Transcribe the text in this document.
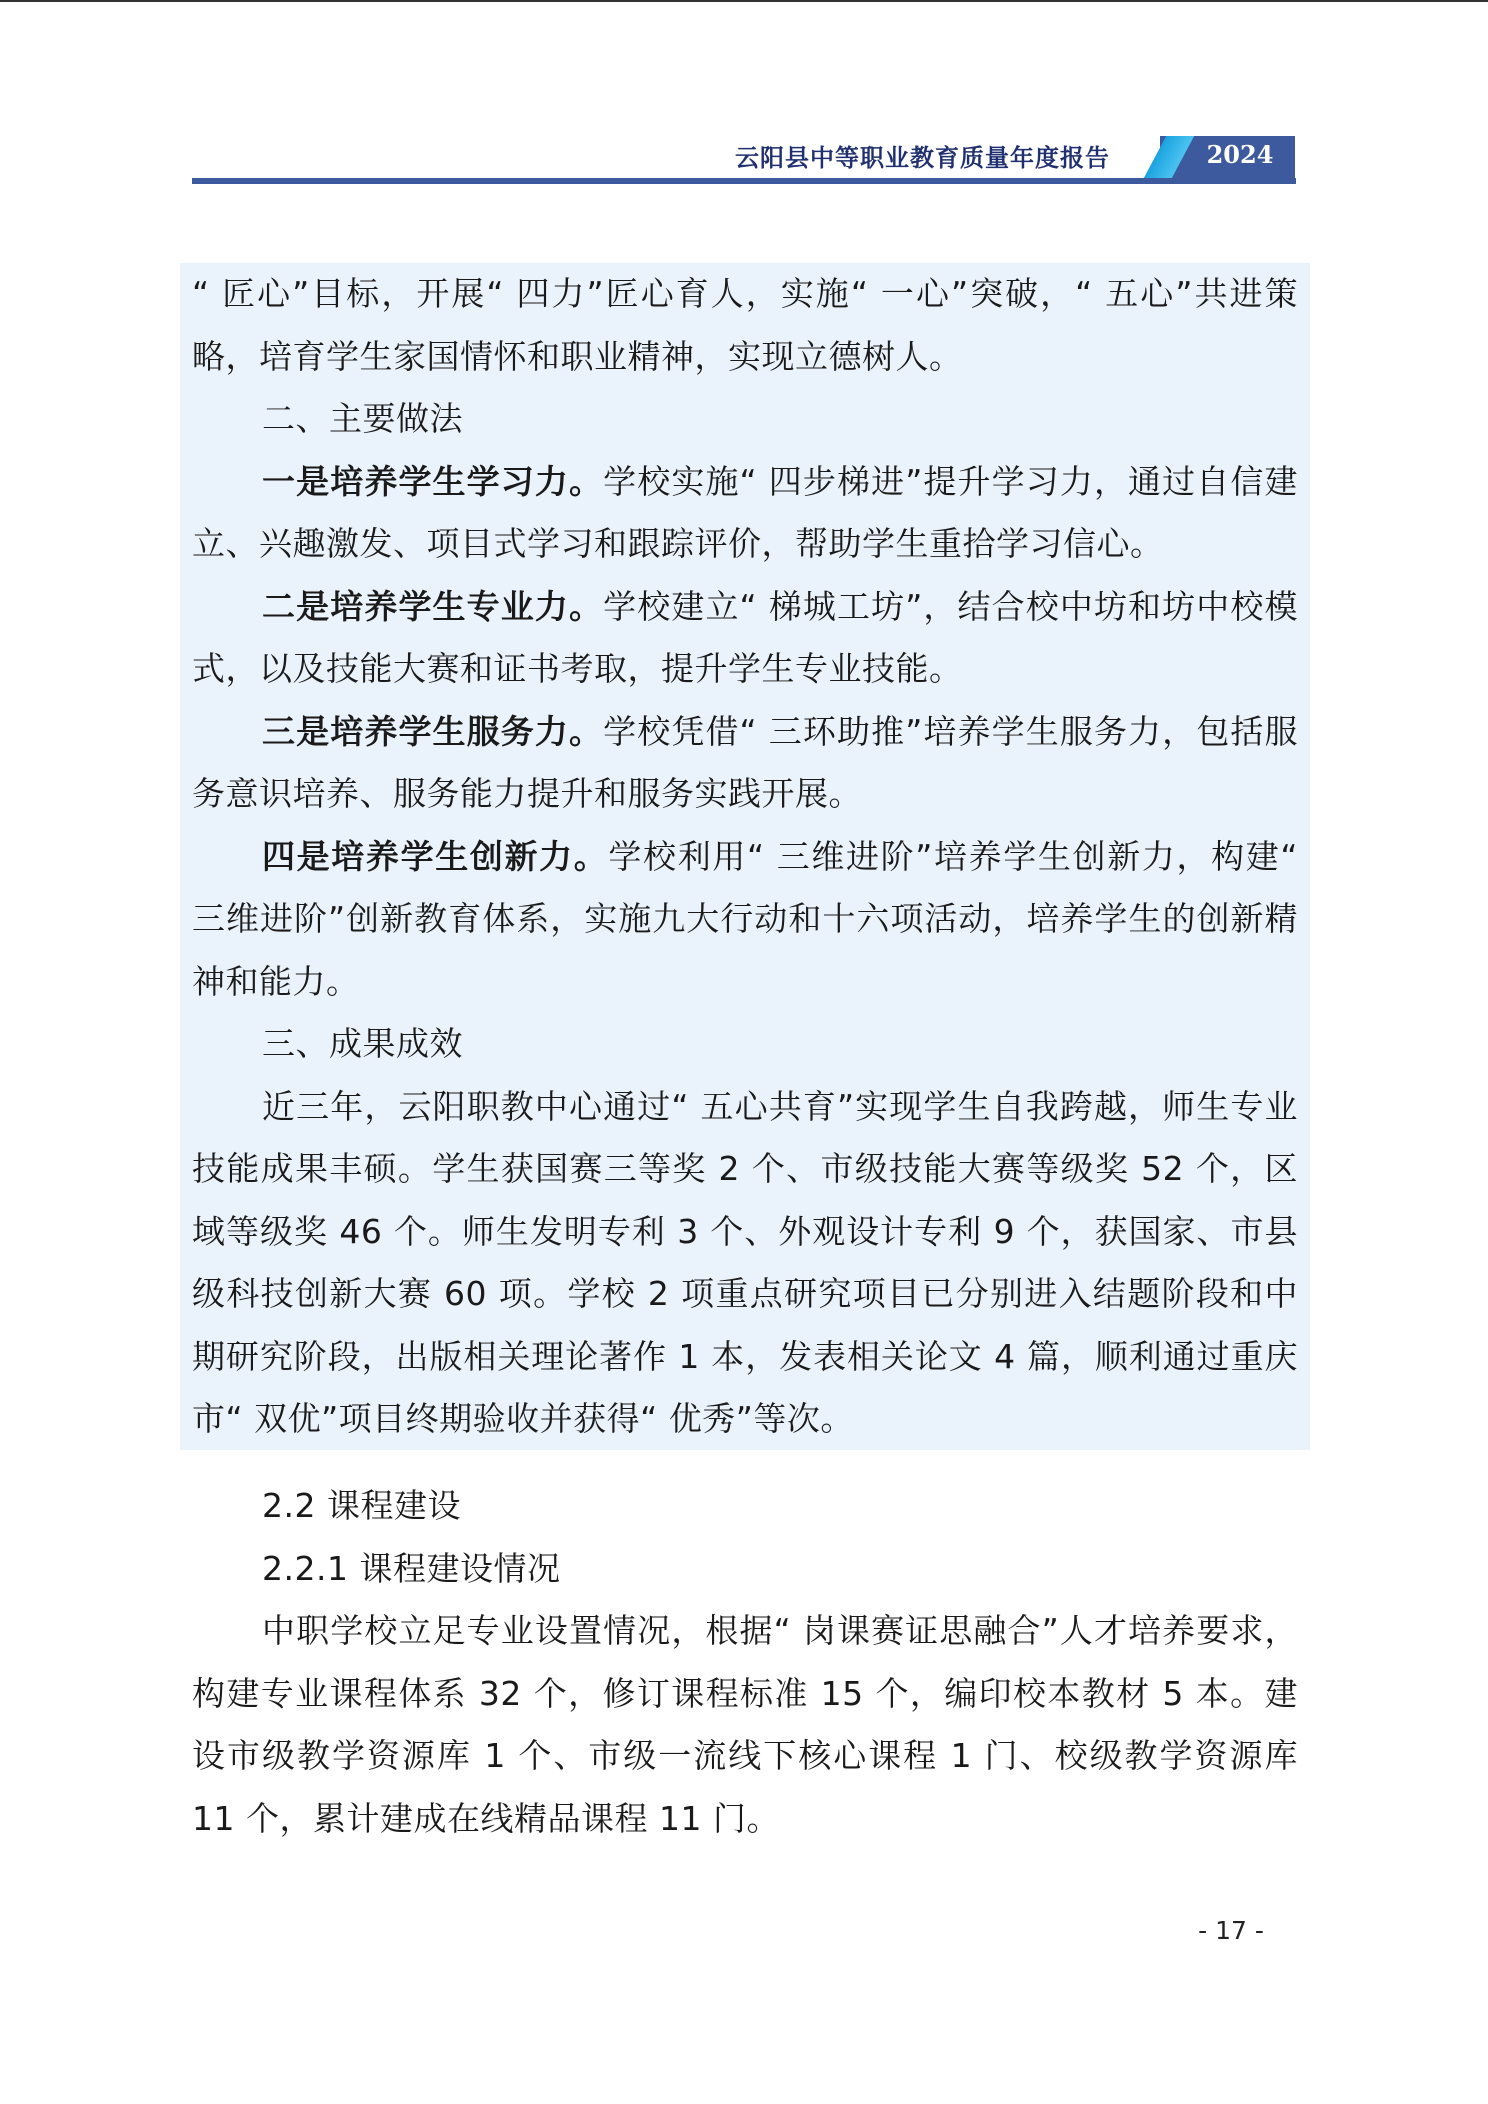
云阳县中等职业教育质量年度报告	2024

“ 匠心”目标，开展“ 四力”匠心育人，实施“ 一心”突破，“ 五心”共进策略，培育学生家国情怀和职业精神，实现立德树人。

二、主要做法

一是培养学生学习力。学校实施“ 四步梯进”提升学习力，通过自信建立、兴趣激发、项目式学习和跟踪评价，帮助学生重拾学习信心。

二是培养学生专业力。学校建立“ 梯城工坊”，结合校中坊和坊中校模式，以及技能大赛和证书考取，提升学生专业技能。

三是培养学生服务力。学校凭借“ 三环助推”培养学生服务力，包括服务意识培养、服务能力提升和服务实践开展。

四是培养学生创新力。学校利用“ 三维进阶”培养学生创新力，构建“ 三维进阶”创新教育体系，实施九大行动和十六项活动，培养学生的创新精神和能力。

三、成果成效

近三年，云阳职教中心通过“ 五心共育”实现学生自我跨越，师生专业技能成果丰硕。学生获国赛三等奖 2 个、市级技能大赛等级奖 52 个，区域等级奖 46 个。师生发明专利 3 个、外观设计专利 9 个，获国家、市县级科技创新大赛 60 项。学校 2 项重点研究项目已分别进入结题阶段和中期研究阶段，出版相关理论著作 1 本，发表相关论文 4 篇，顺利通过重庆市“ 双优”项目终期验收并获得“ 优秀”等次。

2.2 课程建设

2.2.1 课程建设情况

中职学校立足专业设置情况，根据“ 岗课赛证思融合”人才培养要求，构建专业课程体系 32 个，修订课程标准 15 个，编印校本教材 5 本。建设市级教学资源库 1 个、市级一流线下核心课程 1 门、校级教学资源库 11 个，累计建成在线精品课程 11 门。

- 17 -
